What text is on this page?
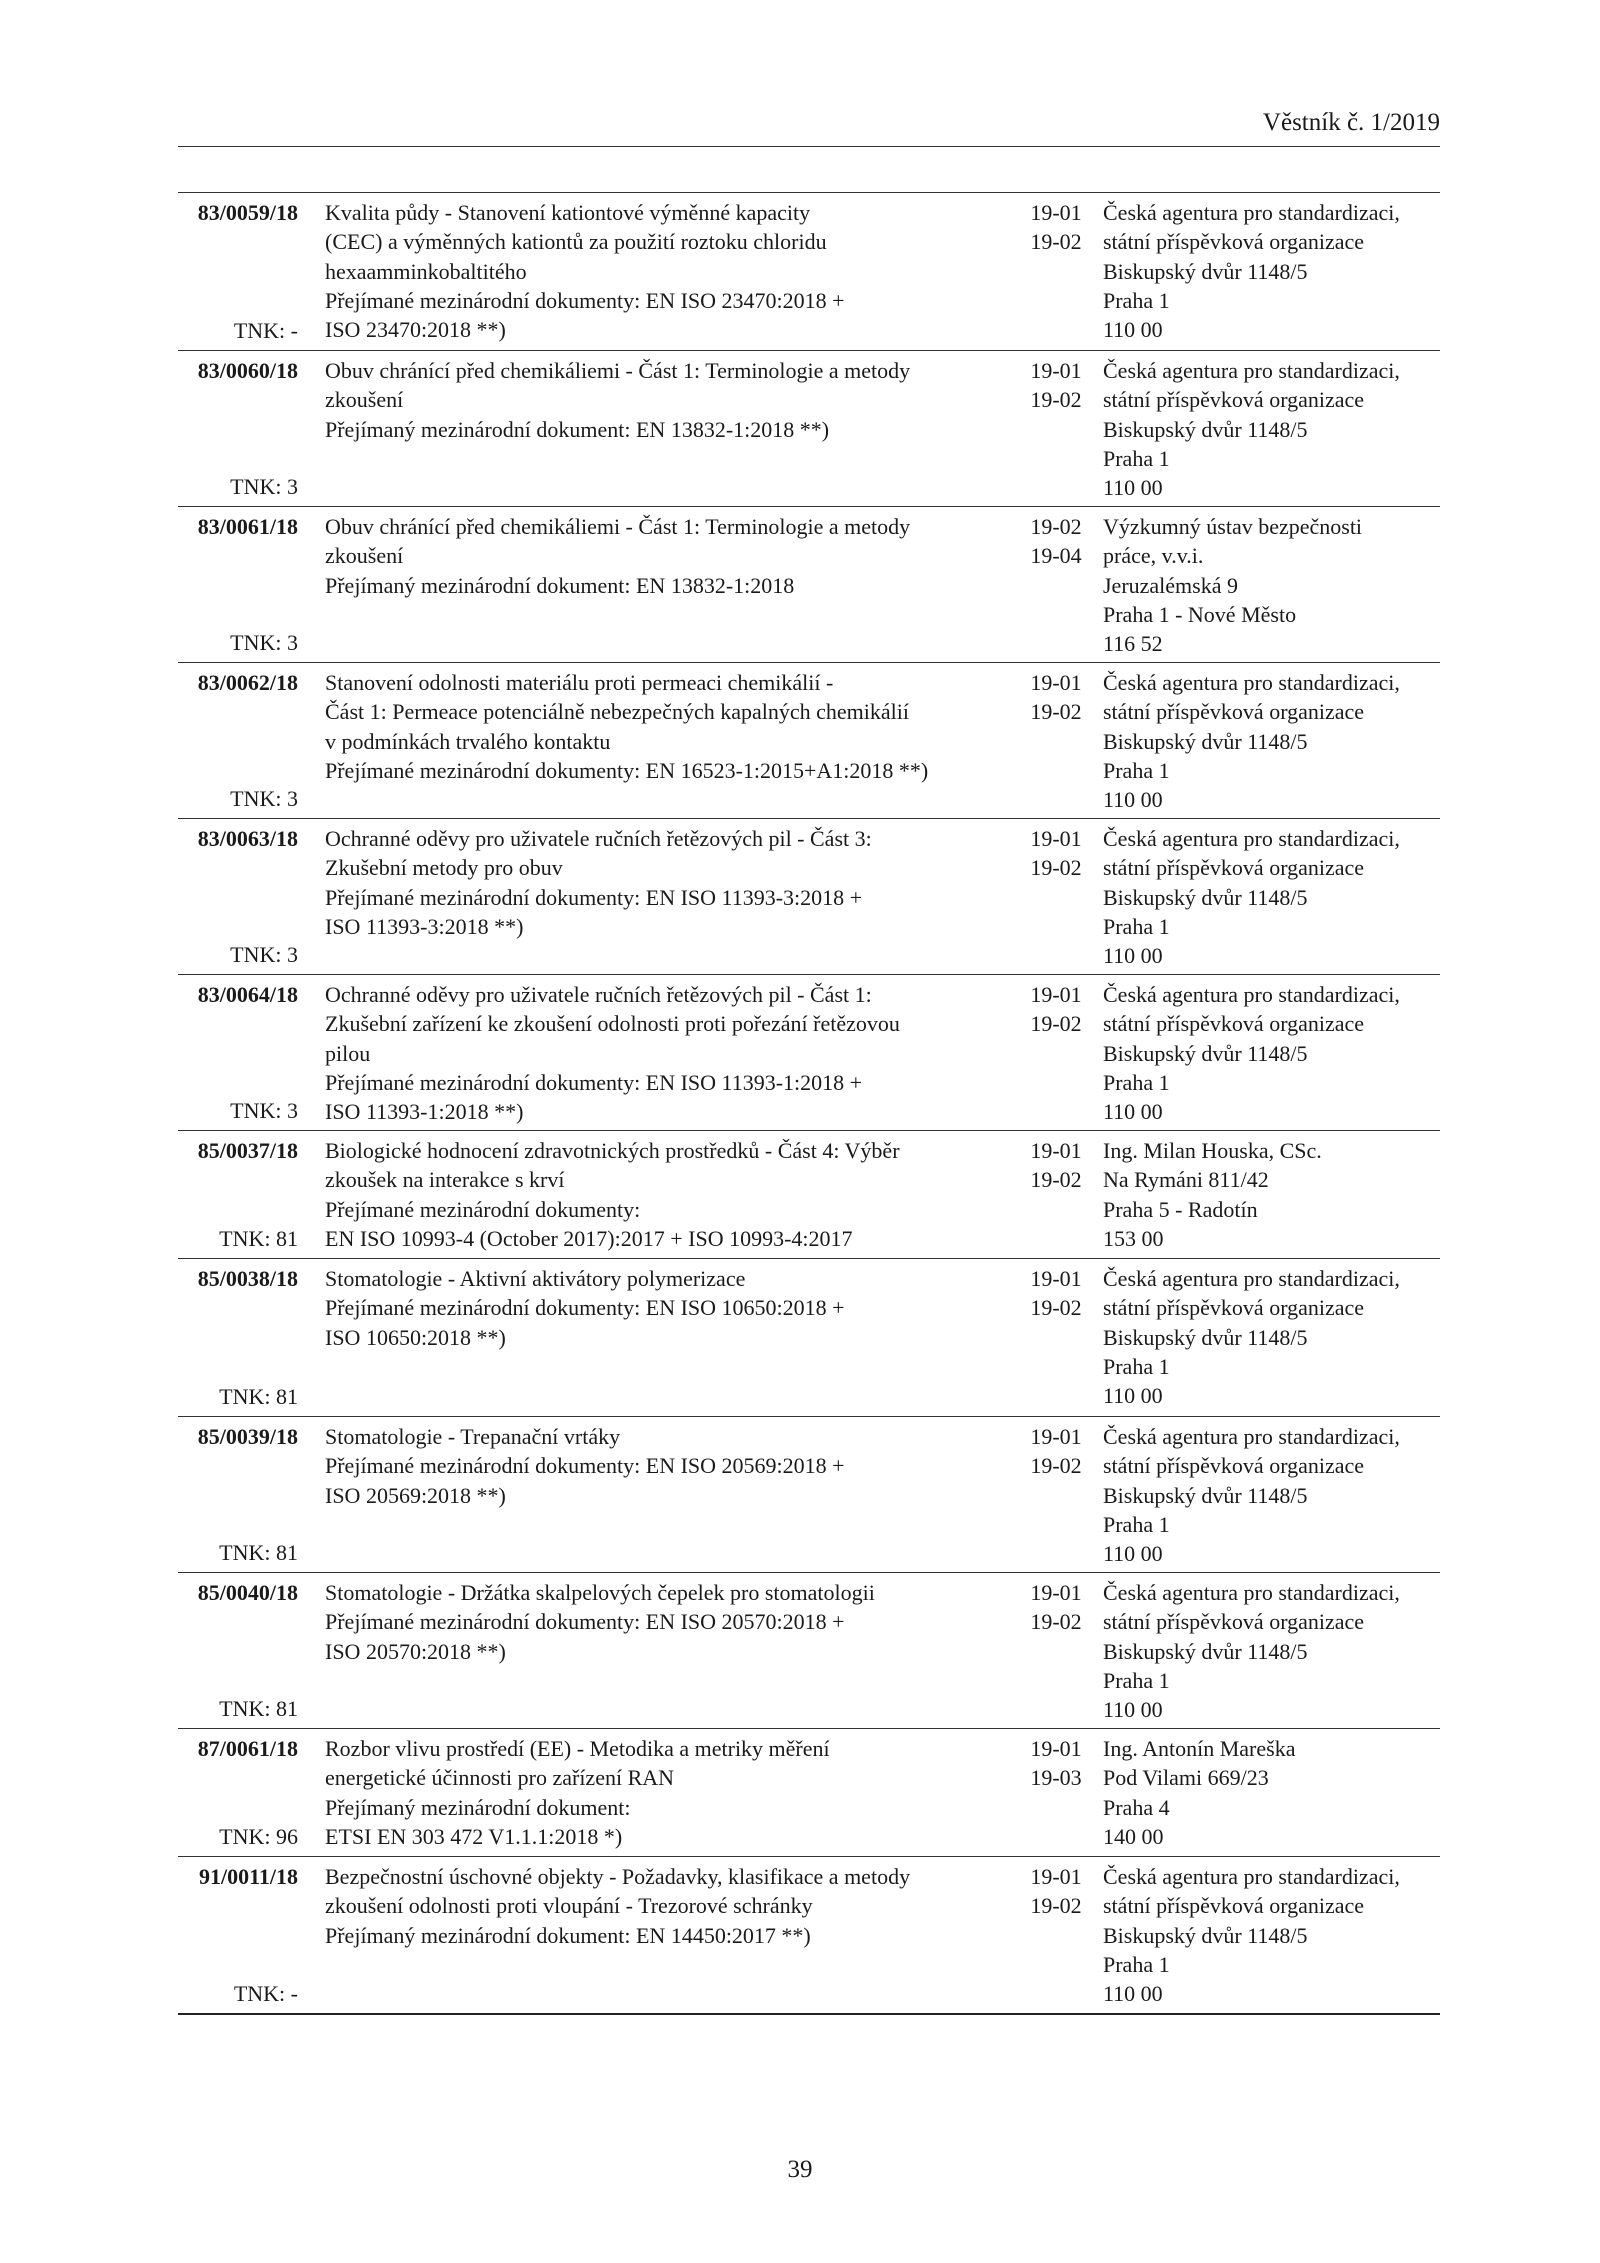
Věstník č. 1/2019
83/0059/18
TNK: -
Kvalita půdy - Stanovení kationtové výměnné kapacity
(CEC) a výměnných kationtů za použití roztoku chloridu
hexaamminkobaltitého
Přejímané mezinárodní dokumenty: EN ISO 23470:2018 +
ISO 23470:2018 **)
19-01
19-02
Česká agentura pro standardizaci,
státní příspěvková organizace
Biskupský dvůr 1148/5
Praha 1
110 00
83/0060/18
TNK: 3
Obuv chránící před chemikáliemi - Část 1: Terminologie a metody
zkoušení
Přejímaný mezinárodní dokument: EN 13832-1:2018 **)
19-01
19-02
Česká agentura pro standardizaci,
státní příspěvková organizace
Biskupský dvůr 1148/5
Praha 1
110 00
83/0061/18
TNK: 3
Obuv chránící před chemikáliemi - Část 1: Terminologie a metody
zkoušení
Přejímaný mezinárodní dokument: EN 13832-1:2018
19-02
19-04
Výzkumný ústav bezpečnosti
práce, v.v.i.
Jeruzalémská 9
Praha 1 - Nové Město
116 52
83/0062/18
TNK: 3
Stanovení odolnosti materiálu proti permeaci chemikálií -
Část 1: Permeace potenciálně nebezpečných kapalných chemikálií
v podmínkách trvalého kontaktu
Přejímané mezinárodní dokumenty: EN 16523-1:2015+A1:2018 **)
19-01
19-02
Česká agentura pro standardizaci,
státní příspěvková organizace
Biskupský dvůr 1148/5
Praha 1
110 00
83/0063/18
TNK: 3
Ochranné oděvy pro uživatele ručních řetězových pil - Část 3:
Zkušební metody pro obuv
Přejímané mezinárodní dokumenty: EN ISO 11393-3:2018 +
ISO 11393-3:2018 **)
19-01
19-02
Česká agentura pro standardizaci,
státní příspěvková organizace
Biskupský dvůr 1148/5
Praha 1
110 00
83/0064/18
TNK: 3
Ochranné oděvy pro uživatele ručních řetězových pil - Část 1:
Zkušební zařízení ke zkoušení odolnosti proti pořezání řetězovou
pilou
Přejímané mezinárodní dokumenty: EN ISO 11393-1:2018 +
ISO 11393-1:2018 **)
19-01
19-02
Česká agentura pro standardizaci,
státní příspěvková organizace
Biskupský dvůr 1148/5
Praha 1
110 00
85/0037/18
TNK: 81
Biologické hodnocení zdravotnických prostředků - Část 4: Výběr
zkoušek na interakce s krví
Přejímané mezinárodní dokumenty:
EN ISO 10993-4 (October 2017):2017 + ISO 10993-4:2017
19-01
19-02
Ing. Milan Houska, CSc.
Na Rymáni 811/42
Praha 5 - Radotín
153 00
85/0038/18
TNK: 81
Stomatologie - Aktivní aktivátory polymerizace
Přejímané mezinárodní dokumenty: EN ISO 10650:2018 +
ISO 10650:2018 **)
19-01
19-02
Česká agentura pro standardizaci,
státní příspěvková organizace
Biskupský dvůr 1148/5
Praha 1
110 00
85/0039/18
TNK: 81
Stomatologie - Trepanační vrtáky
Přejímané mezinárodní dokumenty: EN ISO 20569:2018 +
ISO 20569:2018 **)
19-01
19-02
Česká agentura pro standardizaci,
státní příspěvková organizace
Biskupský dvůr 1148/5
Praha 1
110 00
85/0040/18
TNK: 81
Stomatologie - Držátka skalpelových čepelek pro stomatologii
Přejímané mezinárodní dokumenty: EN ISO 20570:2018 +
ISO 20570:2018 **)
19-01
19-02
Česká agentura pro standardizaci,
státní příspěvková organizace
Biskupský dvůr 1148/5
Praha 1
110 00
87/0061/18
TNK: 96
Rozbor vlivu prostředí (EE) - Metodika a metriky měření
energetické účinnosti pro zařízení RAN
Přejímaný mezinárodní dokument:
ETSI EN 303 472 V1.1.1:2018 *)
19-01
19-03
Ing. Antonín Mareška
Pod Vilami 669/23
Praha 4
140 00
91/0011/18
TNK: -
Bezpečnostní úschovné objekty - Požadavky, klasifikace a metody
zkoušení odolnosti proti vloupání - Trezorové schránky
Přejímaný mezinárodní dokument: EN 14450:2017 **)
19-01
19-02
Česká agentura pro standardizaci,
státní příspěvková organizace
Biskupský dvůr 1148/5
Praha 1
110 00
39
